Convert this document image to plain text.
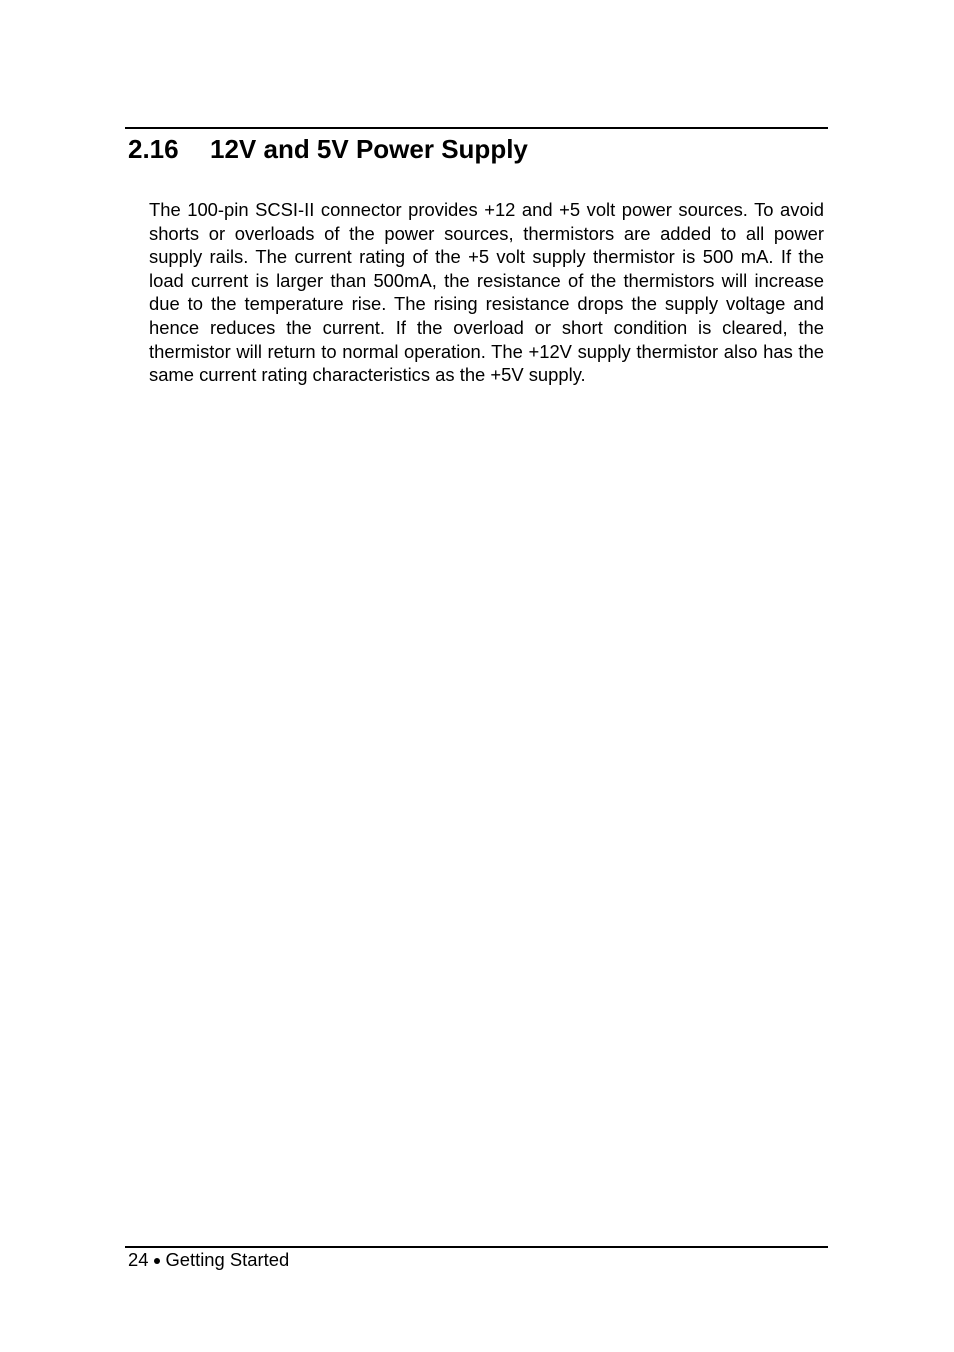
2.16 12V and 5V Power Supply
The 100-pin SCSI-II connector provides +12 and +5 volt power sources. To avoid shorts or overloads of the power sources, thermistors are added to all power supply rails. The current rating of the +5 volt supply thermistor is 500 mA. If the load current is larger than 500mA, the resistance of the thermistors will increase due to the temperature rise. The rising resistance drops the supply voltage and hence reduces the current. If the overload or short condition is cleared, the thermistor will return to normal operation. The +12V supply thermistor also has the same current rating characteristics as the +5V supply.
24 Getting Started
